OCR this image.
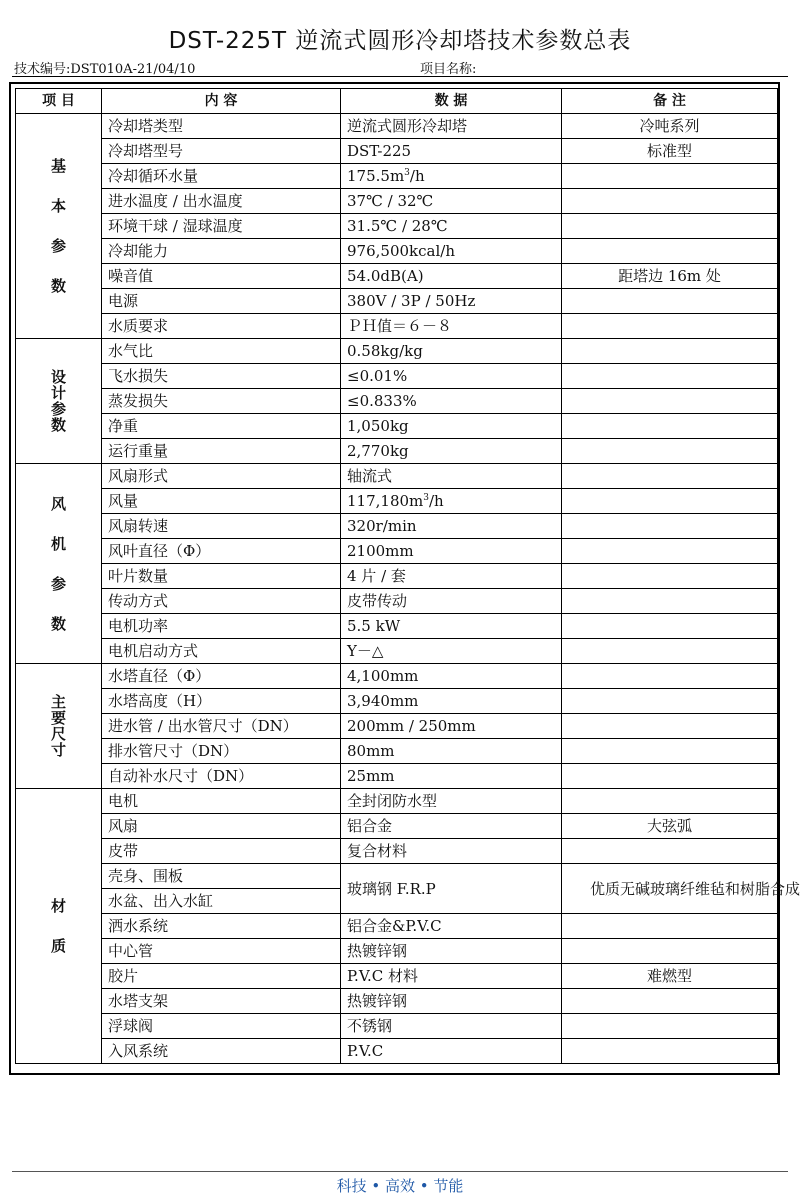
DST-225T 逆流式圆形冷却塔技术参数总表
技术编号:DST010A-21/04/10	项目名称:
项 目	内 容	数 据	备 注

基
本
参
数	冷却塔类型	逆流式圆形冷却塔	冷吨系列
	冷却塔型号	DST-225	标准型
	冷却循环水量	$175.5m^3/h$	
	进水温度 / 出水温度	37℃ / 32℃	
	环境干球 / 湿球温度	31.5℃ / 28℃	
	冷却能力	976,500kcal/h	
	噪音值	54.0dB(A)	距塔边 16m 处
	电源	380V / 3P / 50Hz	
	水质要求	ＰＨ值＝６－８	

设
计
参
数	水气比	0.58kg/kg	
	飞水损失	≤0.01%	
	蒸发损失	≤0.833%	
	净重	1,050kg	
	运行重量	2,770kg	

风
机
参
数	风扇形式	轴流式	
	风量	$117,180m^3/h$	
	风扇转速	320r/min	
	风叶直径（Φ）	2100mm	
	叶片数量	4 片 / 套	
	传动方式	皮带传动	
	电机功率	5.5 kW	
	电机启动方式	Y－△	

主
要
尺
寸	水塔直径（Φ）	4,100mm	
	水塔高度（H）	3,940mm	
	进水管 / 出水管尺寸（DN）	200mm / 250mm	
	排水管尺寸（DN）	80mm	
	自动补水尺寸（DN）	25mm	

材
质	电机	全封闭防水型	
	风扇	铝合金	大弦弧
	皮带	复合材料	
	壳身、围板	玻璃钢 F.R.P	优质无碱玻璃纤维毡和树脂合成
	水盆、出入水缸		
	洒水系统	铝合金&P.V.C	
	中心管	热镀锌钢	
	胶片	P.V.C 材料	难燃型
	水塔支架	热镀锌钢	
	浮球阀	不锈钢	
	入风系统	P.V.C	
科技 • 高效 • 节能
